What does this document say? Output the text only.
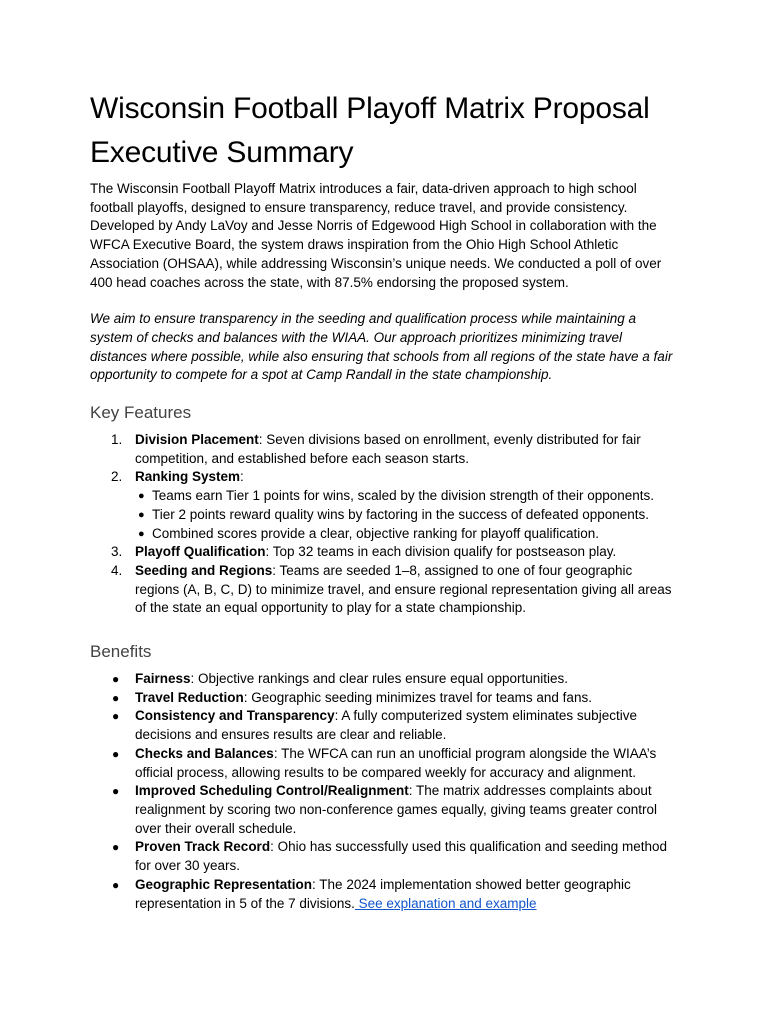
Wisconsin Football Playoff Matrix Proposal
Executive Summary

The Wisconsin Football Playoff Matrix introduces a fair, data-driven approach to high school football playoffs, designed to ensure transparency, reduce travel, and provide consistency. Developed by Andy LaVoy and Jesse Norris of Edgewood High School in collaboration with the WFCA Executive Board, the system draws inspiration from the Ohio High School Athletic Association (OHSAA), while addressing Wisconsin’s unique needs. We conducted a poll of over 400 head coaches across the state, with 87.5% endorsing the proposed system.

We aim to ensure transparency in the seeding and qualification process while maintaining a system of checks and balances with the WIAA. Our approach prioritizes minimizing travel distances where possible, while also ensuring that schools from all regions of the state have a fair opportunity to compete for a spot at Camp Randall in the state championship.

Key Features
1. Division Placement: Seven divisions based on enrollment, evenly distributed for fair competition, and established before each season starts.
2. Ranking System:
● Teams earn Tier 1 points for wins, scaled by the division strength of their opponents.
● Tier 2 points reward quality wins by factoring in the success of defeated opponents.
● Combined scores provide a clear, objective ranking for playoff qualification.
3. Playoff Qualification: Top 32 teams in each division qualify for postseason play.
4. Seeding and Regions: Teams are seeded 1–8, assigned to one of four geographic regions (A, B, C, D) to minimize travel, and ensure regional representation giving all areas of the state an equal opportunity to play for a state championship.
Benefits
● Fairness: Objective rankings and clear rules ensure equal opportunities.
● Travel Reduction: Geographic seeding minimizes travel for teams and fans.
● Consistency and Transparency: A fully computerized system eliminates subjective decisions and ensures results are clear and reliable.
● Checks and Balances: The WFCA can run an unofficial program alongside the WIAA’s official process, allowing results to be compared weekly for accuracy and alignment.
● Improved Scheduling Control/Realignment: The matrix addresses complaints about realignment by scoring two non-conference games equally, giving teams greater control over their overall schedule.
● Proven Track Record: Ohio has successfully used this qualification and seeding method for over 30 years.
● Geographic Representation: The 2024 implementation showed better geographic representation in 5 of the 7 divisions. See explanation and example
